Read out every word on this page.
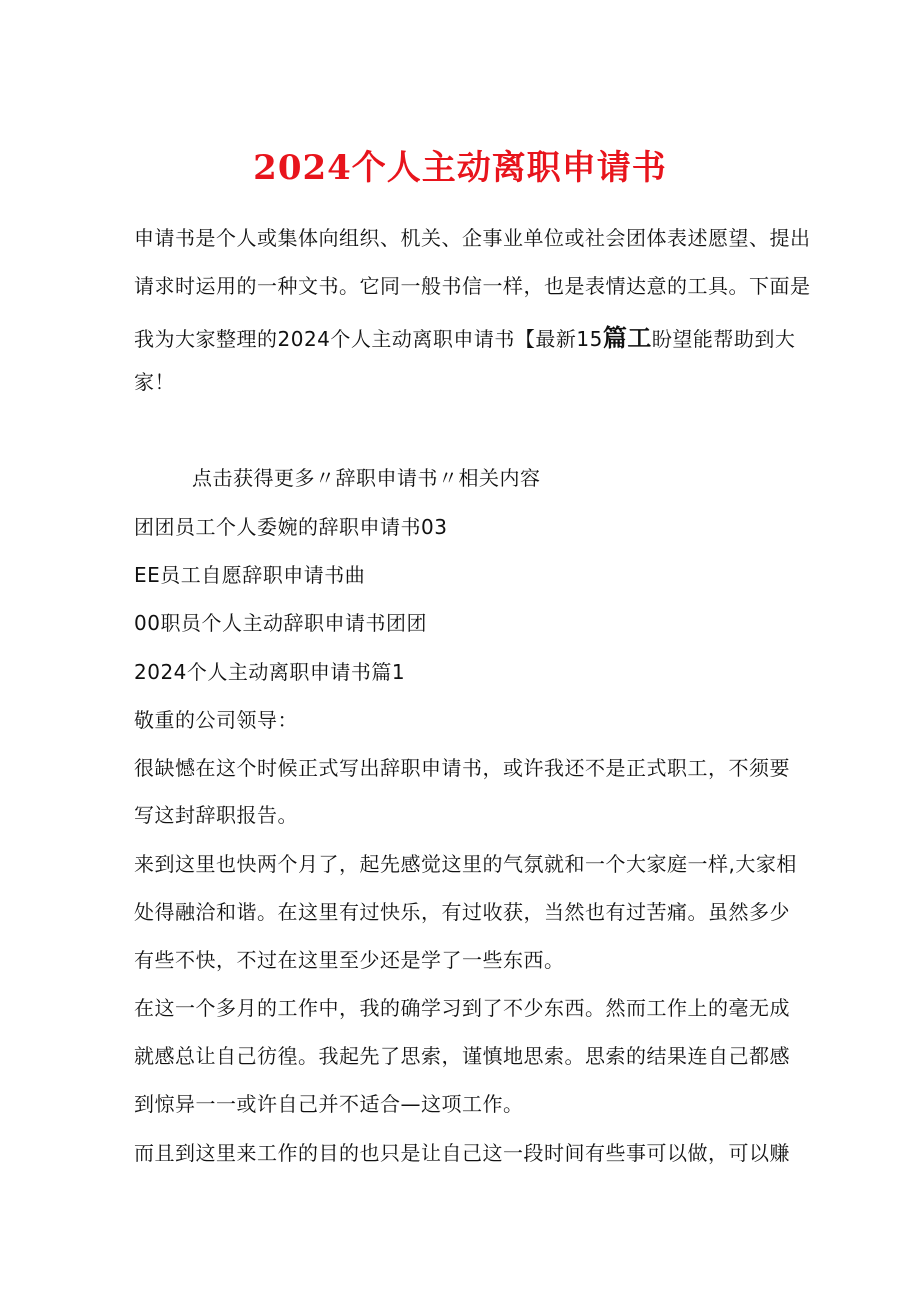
2024个人主动离职申请书
申请书是个人或集体向组织、机关、企事业单位或社会团体表述愿望、提出
请求时运用的一种文书。它同一般书信一样，也是表情达意的工具。下面是
我为大家整理的2024个人主动离职申请书【最新15篇工盼望能帮助到大
家！
点击获得更多〃辞职申请书〃相关内容
团团员工个人委婉的辞职申请书03
EE员工自愿辞职申请书曲
00职员个人主动辞职申请书团团
2024个人主动离职申请书篇1
敬重的公司领导：
很缺憾在这个时候正式写出辞职申请书，或许我还不是正式职工，不须要
写这封辞职报告。
来到这里也快两个月了，起先感觉这里的气氛就和一个大家庭一样,大家相
处得融洽和谐。在这里有过快乐，有过收获，当然也有过苦痛。虽然多少
有些不快，不过在这里至少还是学了一些东西。
在这一个多月的工作中，我的确学习到了不少东西。然而工作上的毫无成
就感总让自己彷徨。我起先了思索，谨慎地思索。思索的结果连自己都感
到惊异一一或许自己并不适合—这项工作。
而且到这里来工作的目的也只是让自己这一段时间有些事可以做，可以赚
